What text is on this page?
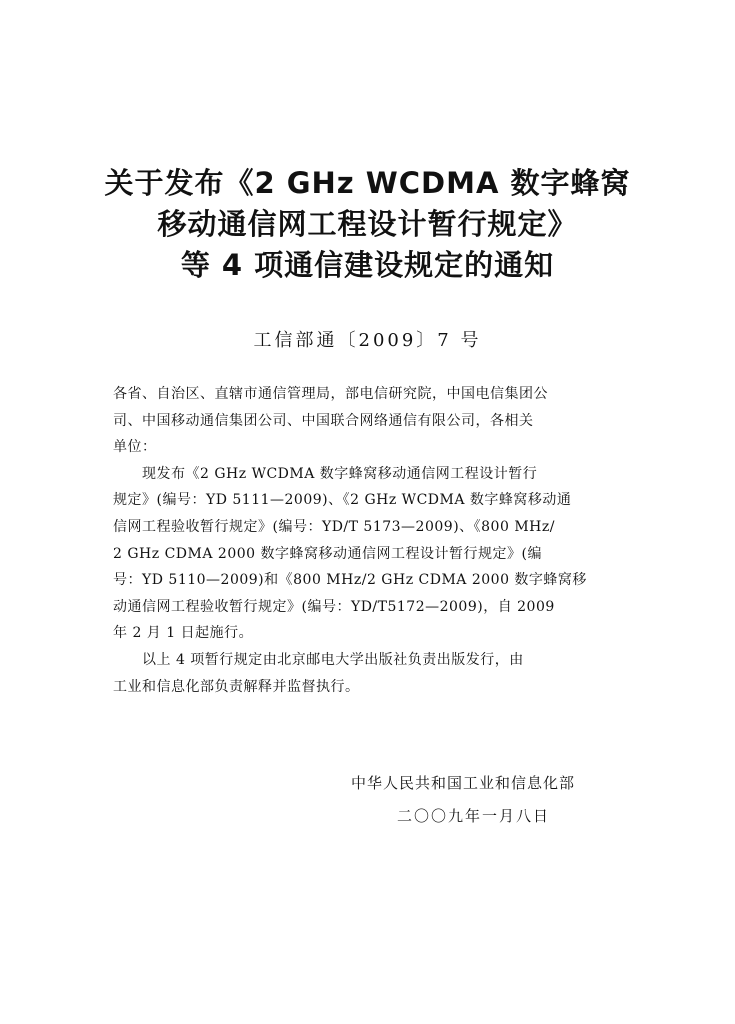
关于发布《2 GHz WCDMA 数字蜂窝
移动通信网工程设计暂行规定》
等 4 项通信建设规定的通知
工信部通〔2009〕7 号
各省、自治区、直辖市通信管理局，部电信研究院，中国电信集团公
司、中国移动通信集团公司、中国联合网络通信有限公司，各相关
单位：
现发布《2 GHz WCDMA 数字蜂窝移动通信网工程设计暂行
规定》(编号：YD 5111—2009)、《2 GHz WCDMA 数字蜂窝移动通
信网工程验收暂行规定》(编号：YD/T 5173—2009)、《800 MHz/
2 GHz CDMA 2000 数字蜂窝移动通信网工程设计暂行规定》(编
号：YD 5110—2009)和《800 MHz/2 GHz CDMA 2000 数字蜂窝移
动通信网工程验收暂行规定》(编号：YD/T5172—2009)，自 2009
年 2 月 1 日起施行。
以上 4 项暂行规定由北京邮电大学出版社负责出版发行，由
工业和信息化部负责解释并监督执行。
中华人民共和国工业和信息化部
二〇〇九年一月八日
